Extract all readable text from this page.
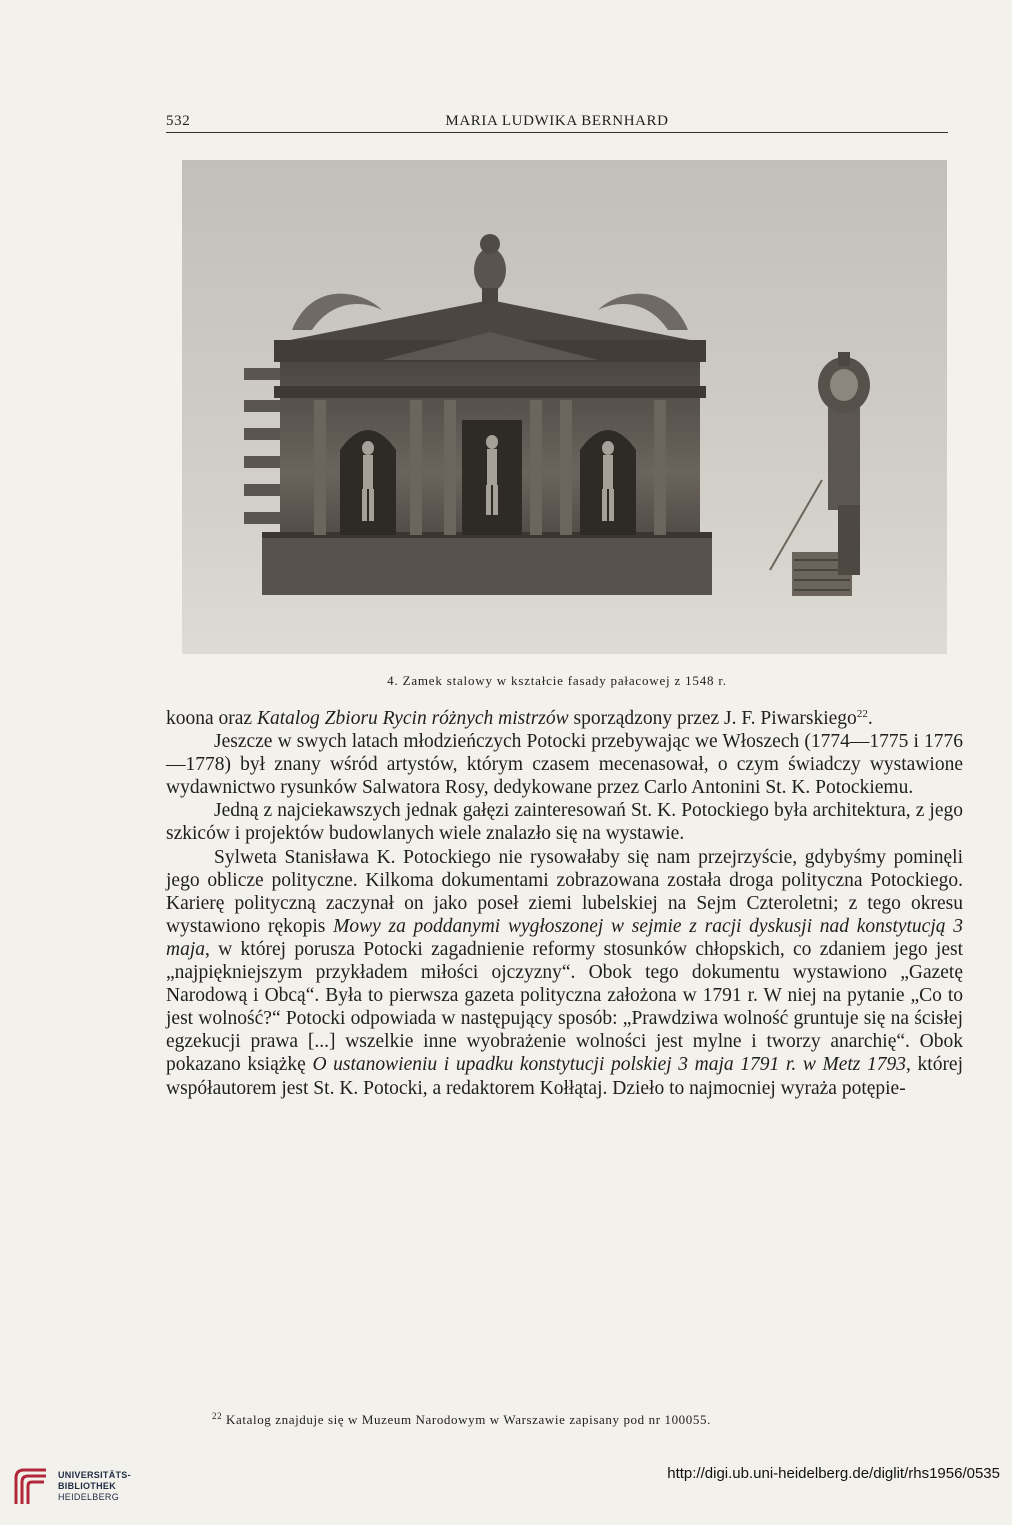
532	MARIA LUDWIKA BERNHARD
4. Zamek stalowy w kształcie fasady pałacowej z 1548 r.

koona oraz Katalog Zbioru Rycin różnych mistrzów sporządzony przez J. F. Piwarskiego$^{22}$.

Jeszcze w swych latach młodzieńczych Potocki przebywając we Włoszech (1774—1775 i 1776—1778) był znany wśród artystów, którym czasem mecenasował, o czym świadczy wystawione wydawnictwo rysunków Salwatora Rosy, dedykowane przez Carlo Antonini St. K. Potockiemu.

Jedną z najciekawszych jednak gałęzi zainteresowań St. K. Potockiego była architektura, z jego szkiców i projektów budowlanych wiele znalazło się na wystawie.

Sylweta Stanisława K. Potockiego nie rysowałaby się nam przejrzyście, gdybyśmy pominęli jego oblicze polityczne. Kilkoma dokumentami zobrazowana została droga polityczna Potockiego. Karierę polityczną zaczynał on jako poseł ziemi lubelskiej na Sejm Czteroletni; z tego okresu wystawiono rękopis Mowy za poddanymi wygłoszonej w sejmie z racji dyskusji nad konstytucją 3 maja, w której porusza Potocki zagadnienie reformy stosunków chłopskich, co zdaniem jego jest „najpiękniejszym przykładem miłości ojczyzny“. Obok tego dokumentu wystawiono „Gazetę Narodową i Obcą“. Była to pierwsza gazeta polityczna założona w 1791 r. W niej na pytanie „Co to jest wolność?“ Potocki odpowiada w następujący sposób: „Prawdziwa wolność gruntuje się na ścisłej egzekucji prawa [...] wszelkie inne wyobrażenie wolności jest mylne i tworzy anarchię“. Obok pokazano książkę O ustanowieniu i upadku konstytucji polskiej 3 maja 1791 r. w Metz 1793, której współautorem jest St. K. Potocki, a redaktorem Kołłątaj. Dzieło to najmocniej wyraża potępie-

$^{22}$ Katalog znajduje się w Muzeum Narodowym w Warszawie zapisany pod nr 100055.
UNIVERSITÄTS-
BIBLIOTHEK
HEIDELBERG
http://digi.ub.uni-heidelberg.de/diglit/rhs1956/0535
